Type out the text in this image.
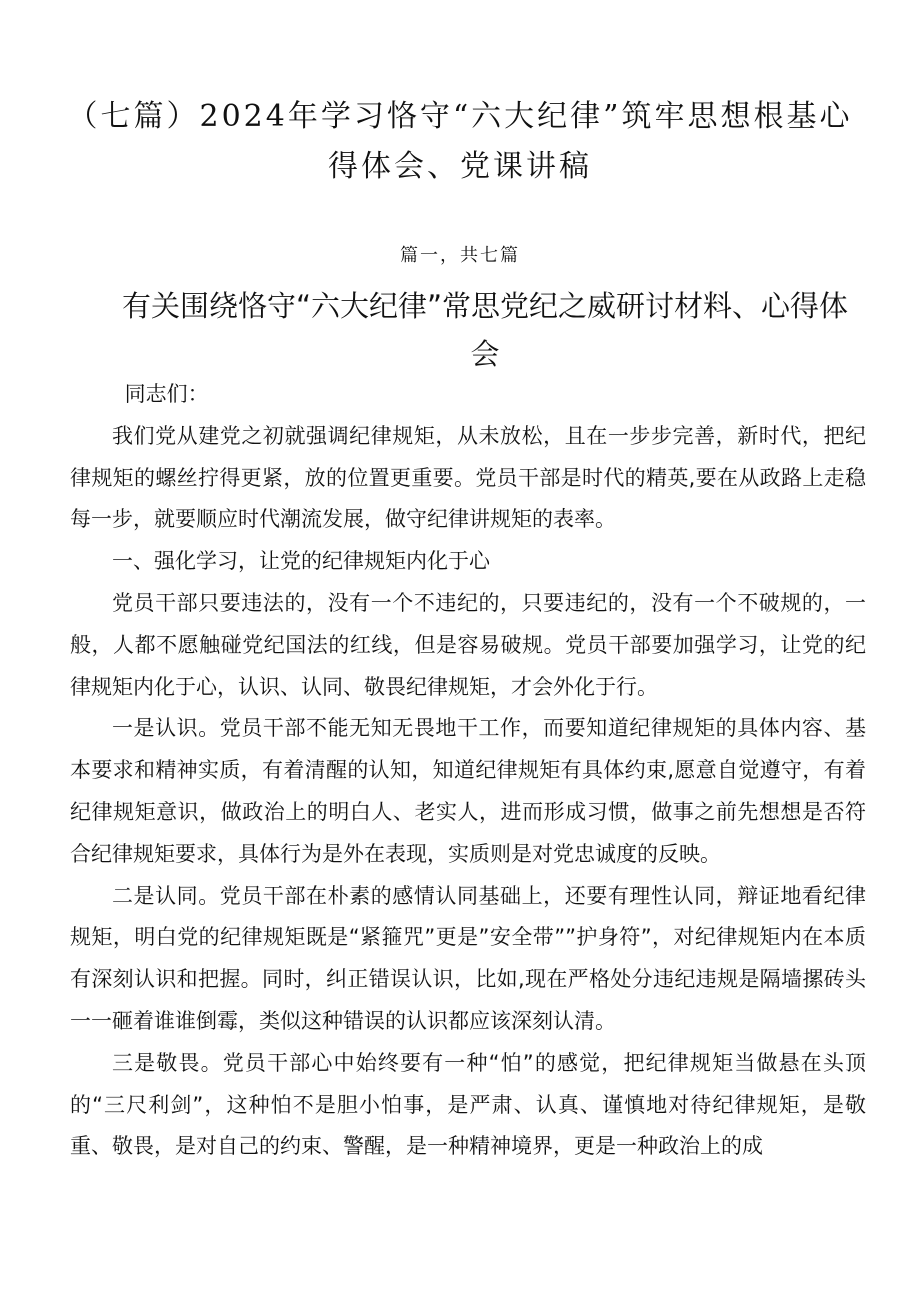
（七篇）2024年学习恪守“六大纪律”筑牢思想根基心得体会、党课讲稿
篇一，共七篇
有关围绕恪守“六大纪律”常思党纪之威研讨材料、心得体会

同志们：

我们党从建党之初就强调纪律规矩，从未放松，且在一步步完善，新时代，把纪律规矩的螺丝拧得更紧，放的位置更重要。党员干部是时代的精英,要在从政路上走稳每一步，就要顺应时代潮流发展，做守纪律讲规矩的表率。

一、强化学习，让党的纪律规矩内化于心

党员干部只要违法的，没有一个不违纪的，只要违纪的，没有一个不破规的，一般，人都不愿触碰党纪国法的红线，但是容易破规。党员干部要加强学习，让党的纪律规矩内化于心，认识、认同、敬畏纪律规矩，才会外化于行。

一是认识。党员干部不能无知无畏地干工作，而要知道纪律规矩的具体内容、基本要求和精神实质，有着清醒的认知，知道纪律规矩有具体约束,愿意自觉遵守，有着纪律规矩意识，做政治上的明白人、老实人，进而形成习惯，做事之前先想想是否符合纪律规矩要求，具体行为是外在表现，实质则是对党忠诚度的反映。

二是认同。党员干部在朴素的感情认同基础上，还要有理性认同，辩证地看纪律规矩，明白党的纪律规矩既是“紧箍咒”更是”安全带””护身符”，对纪律规矩内在本质有深刻认识和把握。同时，纠正错误认识，比如,现在严格处分违纪违规是隔墙摞砖头一一砸着谁谁倒霉，类似这种错误的认识都应该深刻认清。

三是敬畏。党员干部心中始终要有一种“怕”的感觉，把纪律规矩当做悬在头顶的“三尺利剑”，这种怕不是胆小怕事，是严肃、认真、谨慎地对待纪律规矩，是敬重、敬畏，是对自己的约束、警醒，是一种精神境界，更是一种政治上的成
